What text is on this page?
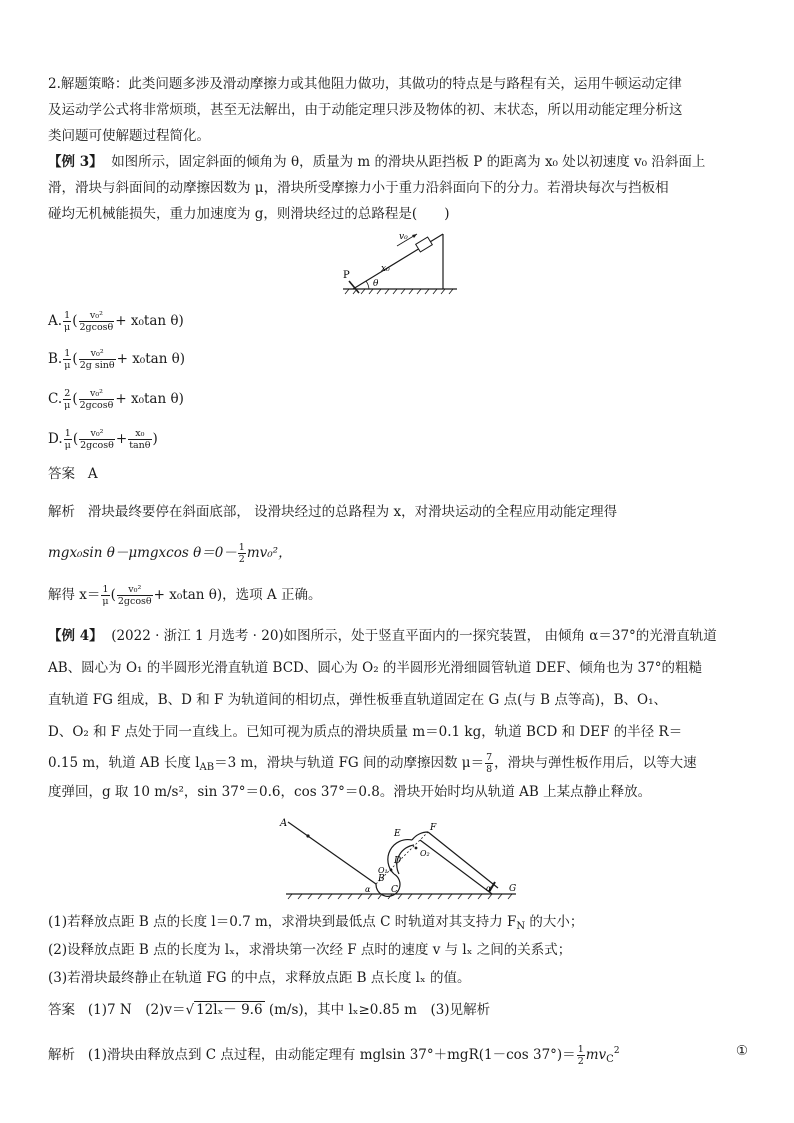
2.解题策略：此类问题多涉及滑动摩擦力或其他阻力做功，其做功的特点是与路程有关，运用牛顿运动定律
及运动学公式将非常烦琐，甚至无法解出，由于动能定理只涉及物体的初、末状态，所以用动能定理分析这
类问题可使解题过程简化。
【例 3】 如图所示，固定斜面的倾角为 θ，质量为 m 的滑块从距挡板 P 的距离为 x₀ 处以初速度 v₀ 沿斜面上
滑，滑块与斜面间的动摩擦因数为 μ，滑块所受摩擦力小于重力沿斜面向下的分力。若滑块每次与挡板相
碰均无机械能损失，重力加速度为 g，则滑块经过的总路程是(　　)
v₀
x₀
P
θ
A. $\frac{1}{\mu}$ ( $\frac{\text{v₀²}}{2gcos\theta} + x_0\tan$ θ)
B. $\frac{1}{\mu}$ ( $\frac{\text{v₀²}}{\text{2g sinθ}} + x_0\tan$ θ)
C. $\frac{2}{\mu}$ ( $\frac{\text{v₀²}}{2gcos\theta} + x_0\tan$ θ)
D. $\frac{1}{\mu}$ ( $\frac{\text{v₀²}}{2gcos\theta} + \frac{\text{x₀}}{\tan\theta}$ )
答案 A
解析 滑块最终要停在斜面底部， 设滑块经过的总路程为 x，对滑块运动的全程应用动能定理得
mgx₀sin θ－μmgxcos $\theta=0- \frac{1}{2} mv_0^2$，
解得 $x= \frac{1}{\mu}$ ( $\frac{\text{v₀²}}{2gcos\theta} + x_0\tan$ θ)，选项 A 正确。
【例 4】 (2022 · 浙江 1 月选考 · 20)如图所示，处于竖直平面内的一探究装置， 由倾角 α＝37°的光滑直轨道
AB、圆心为 O₁ 的半圆形光滑直轨道 BCD、圆心为 O₂ 的半圆形光滑细圆管轨道 DEF、倾角也为 37°的粗糙
直轨道 FG 组成，B、D 和 F 为轨道间的相切点，弹性板垂直轨道固定在 G 点(与 B 点等高)，B、O₁、
D、O₂ 和 F 点处于同一直线上。已知可视为质点的滑块质量 m＝0.1 kg，轨道 BCD 和 DEF 的半径 R＝
0.15 m，轨道 AB 长度 $l_{AB}=3$ m，滑块与轨道 FG 间的动摩擦因数 $\mu= \frac{7}{8}$ ，滑块与弹性板作用后，以等大速
度弹回，g 取 10 m/s²，sin 37°＝0.6，cos 37°＝0.8。滑块开始时均从轨道 AB 上某点静止释放。
A
B
C
D
E
F
G
O₁
O₂
α	α
(1)若释放点距 B 点的长度 l＝0.7 m，求滑块到最低点 C 时轨道对其支持力 $F_N$ 的大小；
(2)设释放点距 B 点的长度为 lₓ，求滑块第一次经 F 点时的速度 v 与 lₓ 之间的关系式；
(3)若滑块最终静止在轨道 FG 的中点，求释放点距 B 点长度 lₓ 的值。
答案 (1)7 N　(2)v＝√ 12lₓ－ 9.6 (m/s)，其中 lₓ≥0.85 m　(3)见解析
解析 (1)滑块由释放点到 C 点过程，由动能定理有 mglsin 37°＋mgR(1－cos $37^\circ)= \frac{1}{2} mv_C^2$	①
